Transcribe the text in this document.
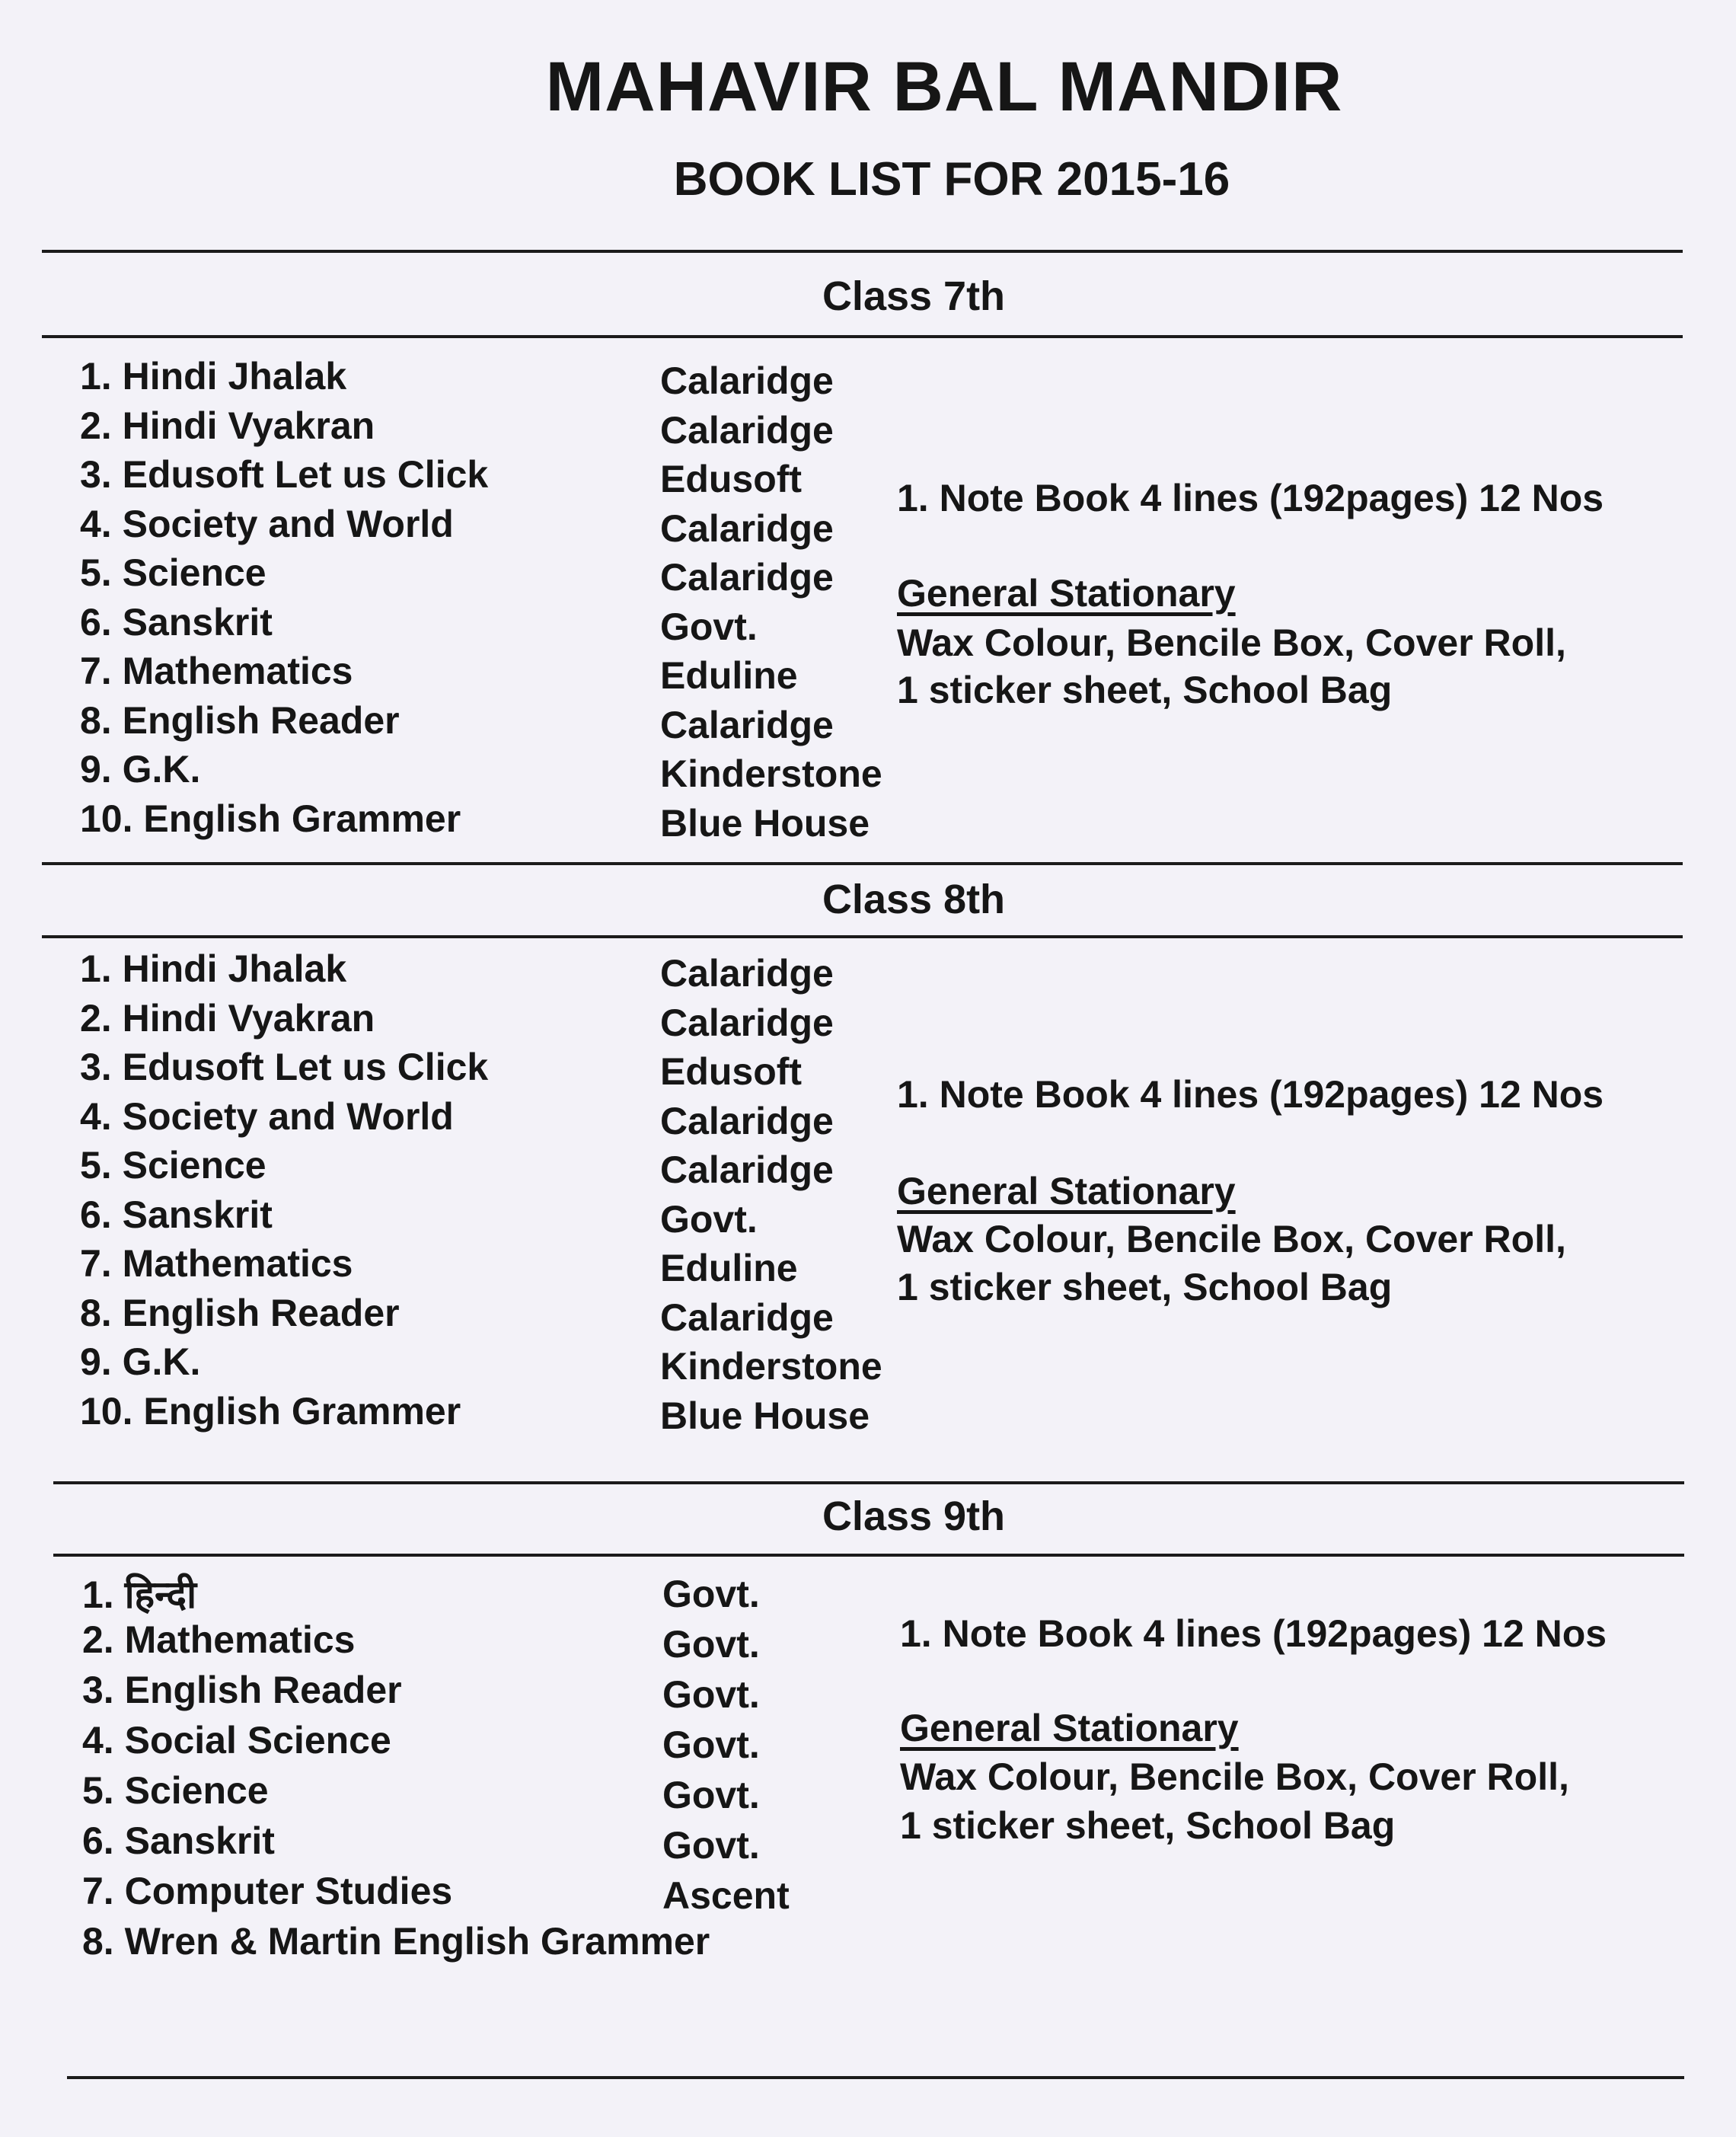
MAHAVIR BAL MANDIR
BOOK LIST FOR 2015-16
Class 7th
1. Hindi Jhalak	Calaridge
2. Hindi Vyakran	Calaridge
3. Edusoft Let us Click	Edusoft
4. Society and World	Calaridge
5. Science	Calaridge
6. Sanskrit	Govt.
7. Mathematics	Eduline
8. English Reader	Calaridge
9. G.K.	Kinderstone
10. English Grammer	Blue House
1. Note Book 4 lines (192pages) 12 Nos
General Stationary
Wax Colour, Bencile Box, Cover Roll,
1 sticker sheet, School Bag
Class 8th
1. Hindi Jhalak	Calaridge
2. Hindi Vyakran	Calaridge
3. Edusoft Let us Click	Edusoft
4. Society and World	Calaridge
5. Science	Calaridge
6. Sanskrit	Govt.
7. Mathematics	Eduline
8. English Reader	Calaridge
9. G.K.	Kinderstone
10. English Grammer	Blue House
1. Note Book 4 lines (192pages) 12 Nos
General Stationary
Wax Colour, Bencile Box, Cover Roll,
1 sticker sheet, School Bag
Class 9th
1. हिन्दी	Govt.
2. Mathematics	Govt.
3. English Reader	Govt.
4. Social Science	Govt.
5. Science	Govt.
6. Sanskrit	Govt.
7. Computer Studies	Ascent
8. Wren & Martin English Grammer
1. Note Book 4 lines (192pages) 12 Nos
General Stationary
Wax Colour, Bencile Box, Cover Roll,
1 sticker sheet, School Bag
